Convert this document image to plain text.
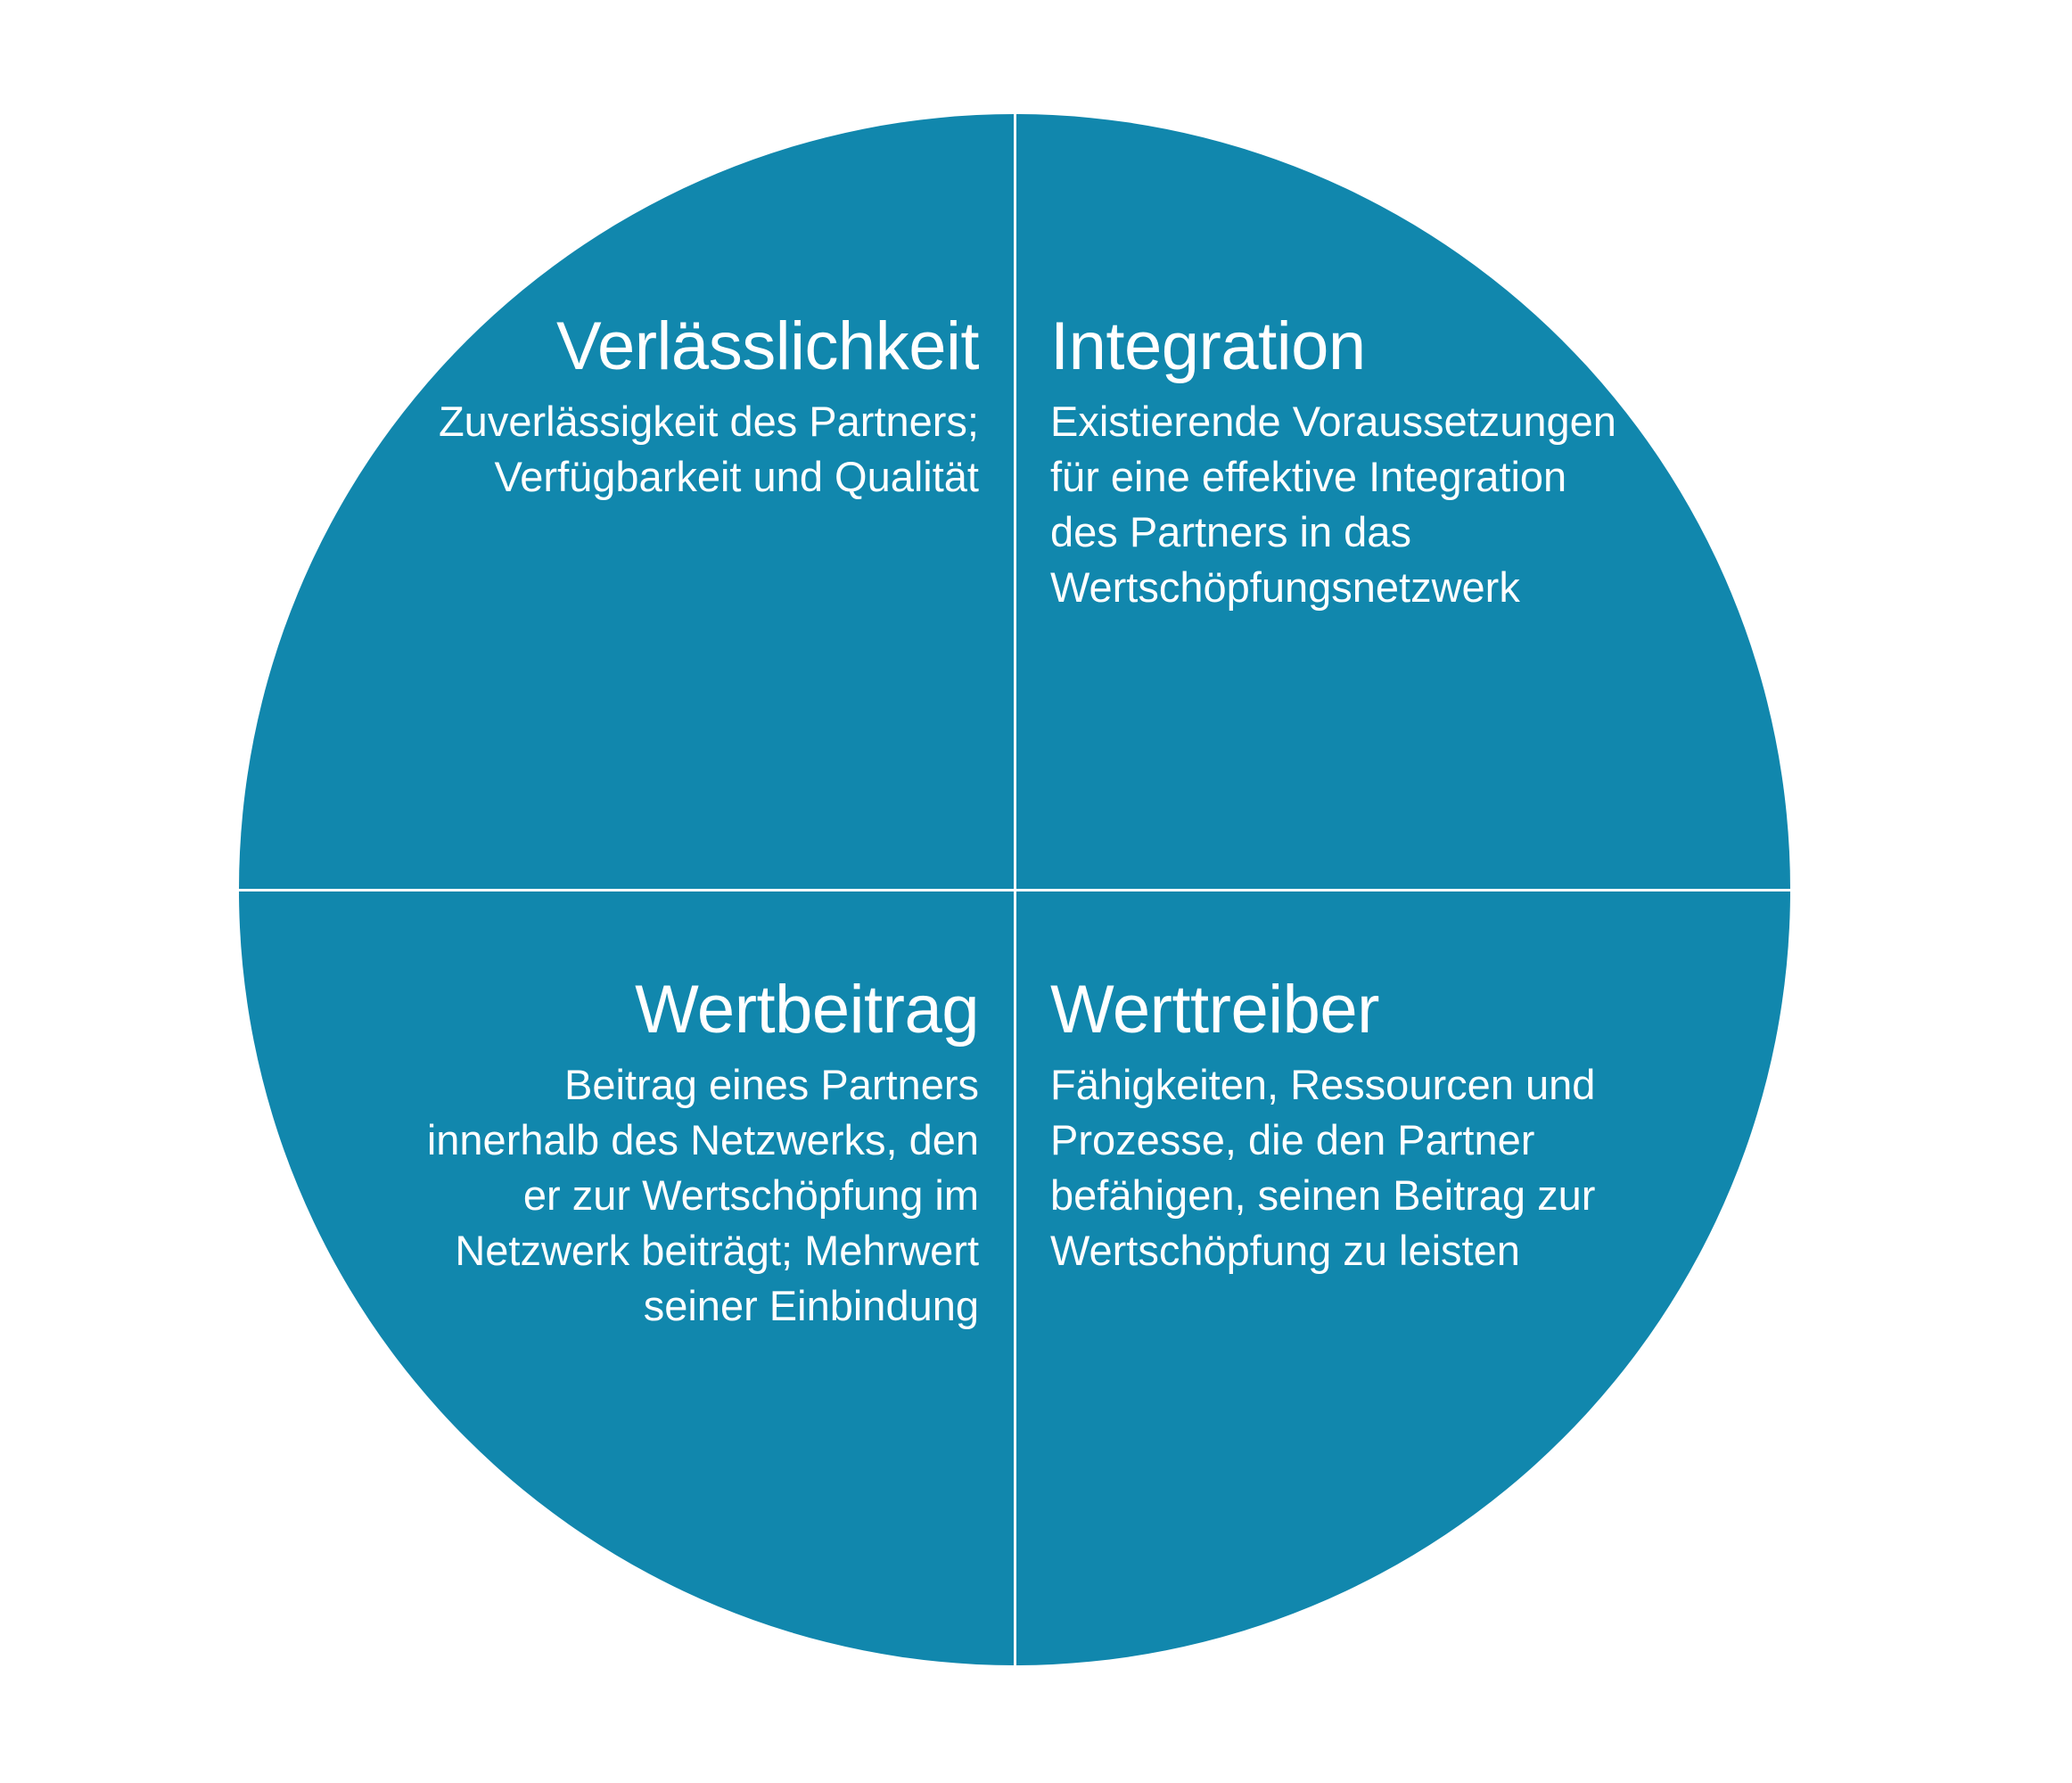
Verlässlichkeit

Zuverlässigkeit des Partners; Verfügbarkeit und Qualität

Integration

Existierende Voraussetzungen für eine effektive Integration des Partners in das Wertschöpfungsnetzwerk

Wertbeitrag

Beitrag eines Partners innerhalb des Netzwerks, den er zur Wertschöpfung im Netzwerk beiträgt; Mehrwert seiner Einbindung

Werttreiber

Fähigkeiten, Ressourcen und Prozesse, die den Partner befähigen, seinen Beitrag zur Wertschöpfung zu leisten
